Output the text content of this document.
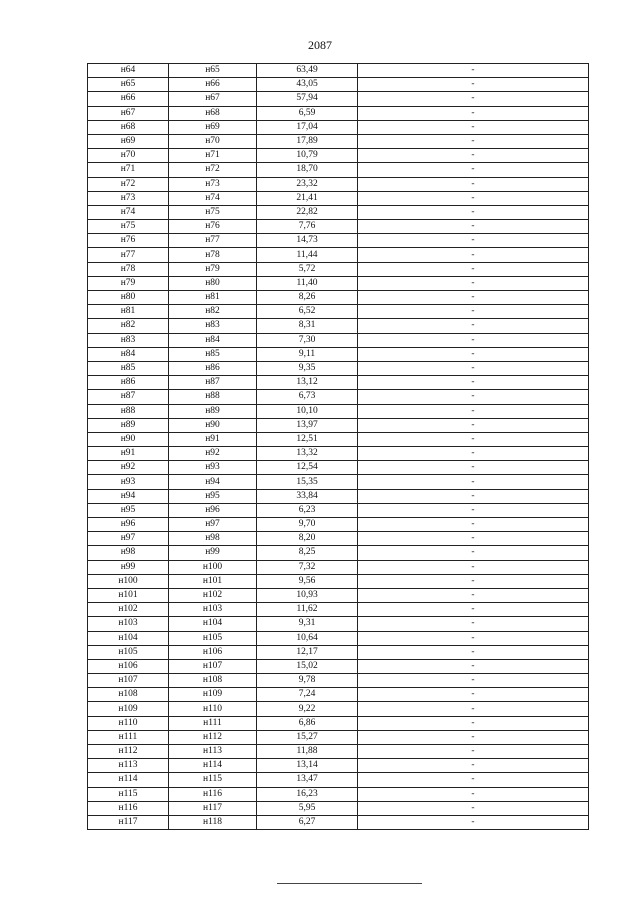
2087
н64	н65	63,49	-
н65	н66	43,05	-
н66	н67	57,94	-
н67	н68	6,59	-
н68	н69	17,04	-
н69	н70	17,89	-
н70	н71	10,79	-
н71	н72	18,70	-
н72	н73	23,32	-
н73	н74	21,41	-
н74	н75	22,82	-
н75	н76	7,76	-
н76	н77	14,73	-
н77	н78	11,44	-
н78	н79	5,72	-
н79	н80	11,40	-
н80	н81	8,26	-
н81	н82	6,52	-
н82	н83	8,31	-
н83	н84	7,30	-
н84	н85	9,11	-
н85	н86	9,35	-
н86	н87	13,12	-
н87	н88	6,73	-
н88	н89	10,10	-
н89	н90	13,97	-
н90	н91	12,51	-
н91	н92	13,32	-
н92	н93	12,54	-
н93	н94	15,35	-
н94	н95	33,84	-
н95	н96	6,23	-
н96	н97	9,70	-
н97	н98	8,20	-
н98	н99	8,25	-
н99	н100	7,32	-
н100	н101	9,56	-
н101	н102	10,93	-
н102	н103	11,62	-
н103	н104	9,31	-
н104	н105	10,64	-
н105	н106	12,17	-
н106	н107	15,02	-
н107	н108	9,78	-
н108	н109	7,24	-
н109	н110	9,22	-
н110	н111	6,86	-
н111	н112	15,27	-
н112	н113	11,88	-
н113	н114	13,14	-
н114	н115	13,47	-
н115	н116	16,23	-
н116	н117	5,95	-
н117	н118	6,27	-
